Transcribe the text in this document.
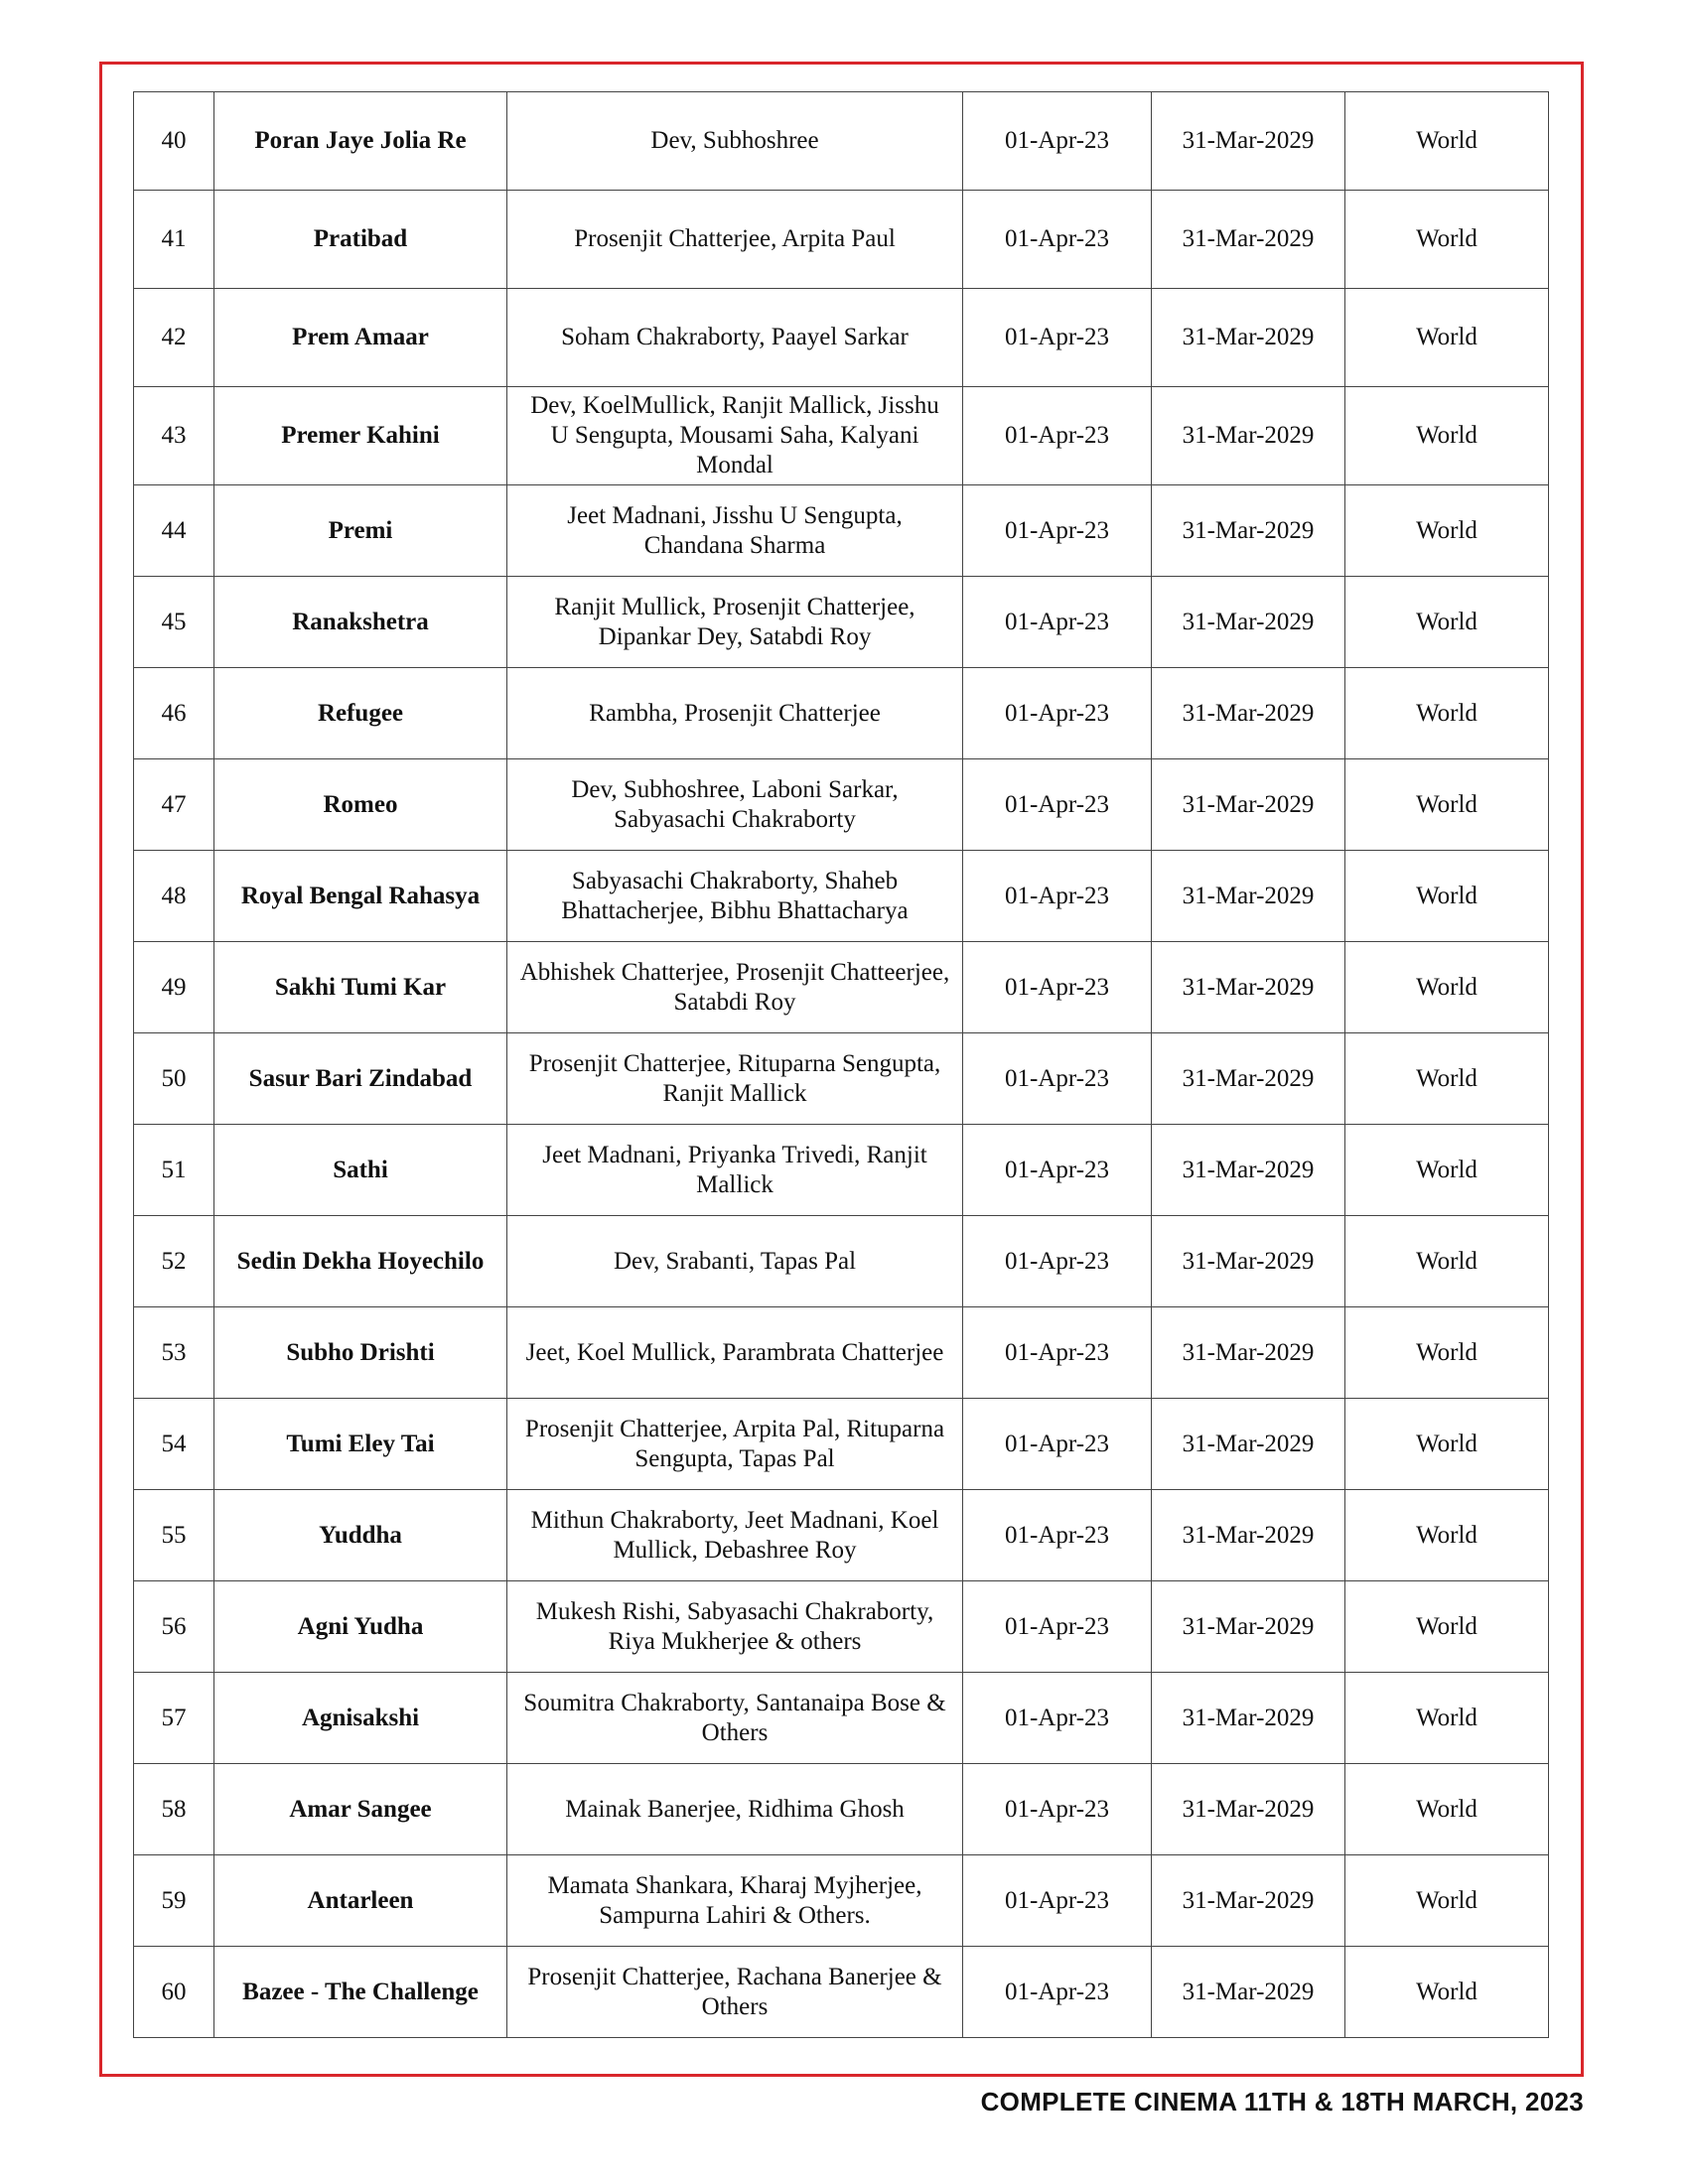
40	Poran Jaye Jolia Re	Dev, Subhoshree	01-Apr-23	31-Mar-2029	World
41	Pratibad	Prosenjit Chatterjee, Arpita Paul	01-Apr-23	31-Mar-2029	World
42	Prem Amaar	Soham Chakraborty, Paayel Sarkar	01-Apr-23	31-Mar-2029	World
43	Premer Kahini	Dev, KoelMullick, Ranjit Mallick, Jisshu U Sengupta, Mousami Saha, Kalyani Mondal	01-Apr-23	31-Mar-2029	World
44	Premi	Jeet Madnani, Jisshu U Sengupta, Chandana Sharma	01-Apr-23	31-Mar-2029	World
45	Ranakshetra	Ranjit Mullick, Prosenjit Chatterjee, Dipankar Dey, Satabdi Roy	01-Apr-23	31-Mar-2029	World
46	Refugee	Rambha, Prosenjit Chatterjee	01-Apr-23	31-Mar-2029	World
47	Romeo	Dev, Subhoshree, Laboni Sarkar, Sabyasachi Chakraborty	01-Apr-23	31-Mar-2029	World
48	Royal Bengal Rahasya	Sabyasachi Chakraborty, Shaheb Bhattacherjee, Bibhu Bhattacharya	01-Apr-23	31-Mar-2029	World
49	Sakhi Tumi Kar	Abhishek Chatterjee, Prosenjit Chatteerjee, Satabdi Roy	01-Apr-23	31-Mar-2029	World
50	Sasur Bari Zindabad	Prosenjit Chatterjee, Rituparna Sengupta, Ranjit Mallick	01-Apr-23	31-Mar-2029	World
51	Sathi	Jeet Madnani, Priyanka Trivedi, Ranjit Mallick	01-Apr-23	31-Mar-2029	World
52	Sedin Dekha Hoyechilo	Dev, Srabanti, Tapas Pal	01-Apr-23	31-Mar-2029	World
53	Subho Drishti	Jeet, Koel Mullick, Parambrata Chatterjee	01-Apr-23	31-Mar-2029	World
54	Tumi Eley Tai	Prosenjit Chatterjee, Arpita Pal, Rituparna Sengupta, Tapas Pal	01-Apr-23	31-Mar-2029	World
55	Yuddha	Mithun Chakraborty, Jeet Madnani, Koel Mullick, Debashree Roy	01-Apr-23	31-Mar-2029	World
56	Agni Yudha	Mukesh Rishi, Sabyasachi Chakraborty, Riya Mukherjee & others	01-Apr-23	31-Mar-2029	World
57	Agnisakshi	Soumitra Chakraborty, Santanaipa Bose & Others	01-Apr-23	31-Mar-2029	World
58	Amar Sangee	Mainak Banerjee, Ridhima Ghosh	01-Apr-23	31-Mar-2029	World
59	Antarleen	Mamata Shankara, Kharaj Myjherjee, Sampurna Lahiri & Others.	01-Apr-23	31-Mar-2029	World
60	Bazee - The Challenge	Prosenjit Chatterjee, Rachana Banerjee & Others	01-Apr-23	31-Mar-2029	World
COMPLETE CINEMA 11TH & 18TH MARCH, 2023
